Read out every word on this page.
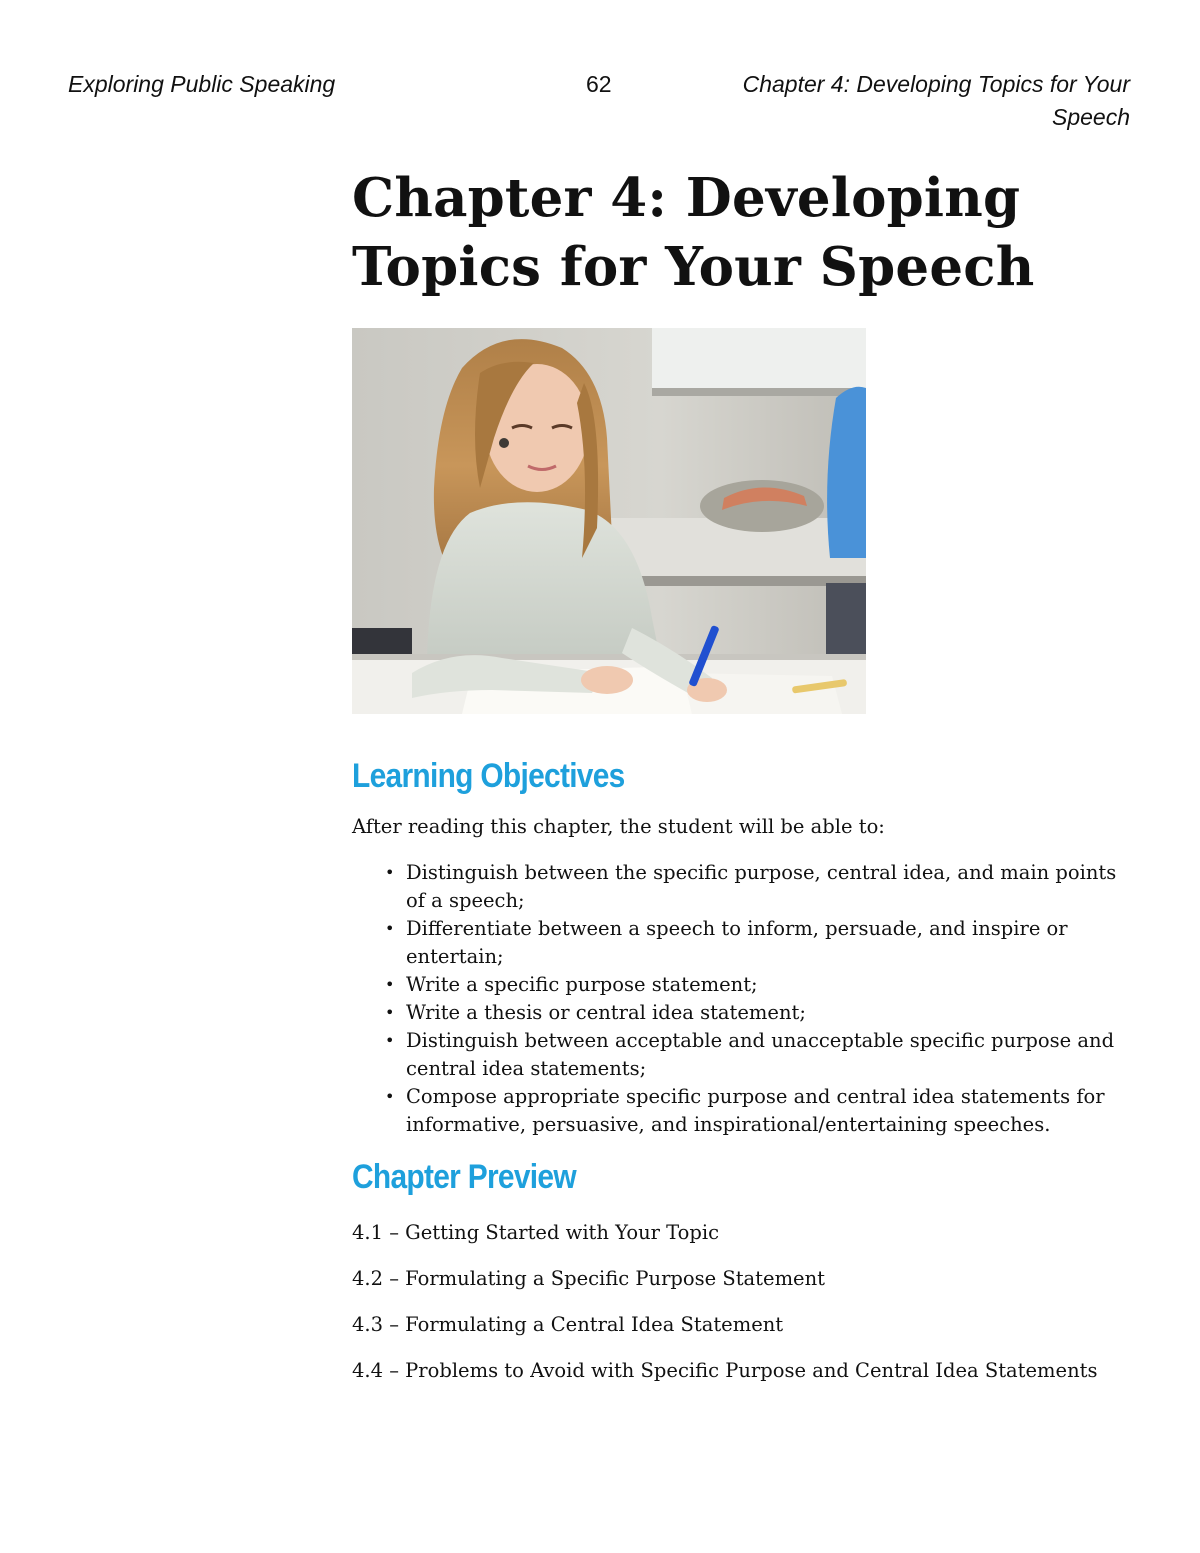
Exploring Public Speaking	62	Chapter 4: Developing Topics for Your Speech
Chapter 4: Developing Topics for Your Speech
Learning Objectives

After reading this chapter, the student will be able to:

• Distinguish between the specific purpose, central idea, and main points of a speech;
• Differentiate between a speech to inform, persuade, and inspire or entertain;
• Write a specific purpose statement;
• Write a thesis or central idea statement;
• Distinguish between acceptable and unacceptable specific purpose and central idea statements;
• Compose appropriate specific purpose and central idea statements for informative, persuasive, and inspirational/entertaining speeches.
Chapter Preview

4.1 – Getting Started with Your Topic

4.2 – Formulating a Specific Purpose Statement

4.3 – Formulating a Central Idea Statement

4.4 – Problems to Avoid with Specific Purpose and Central Idea Statements
